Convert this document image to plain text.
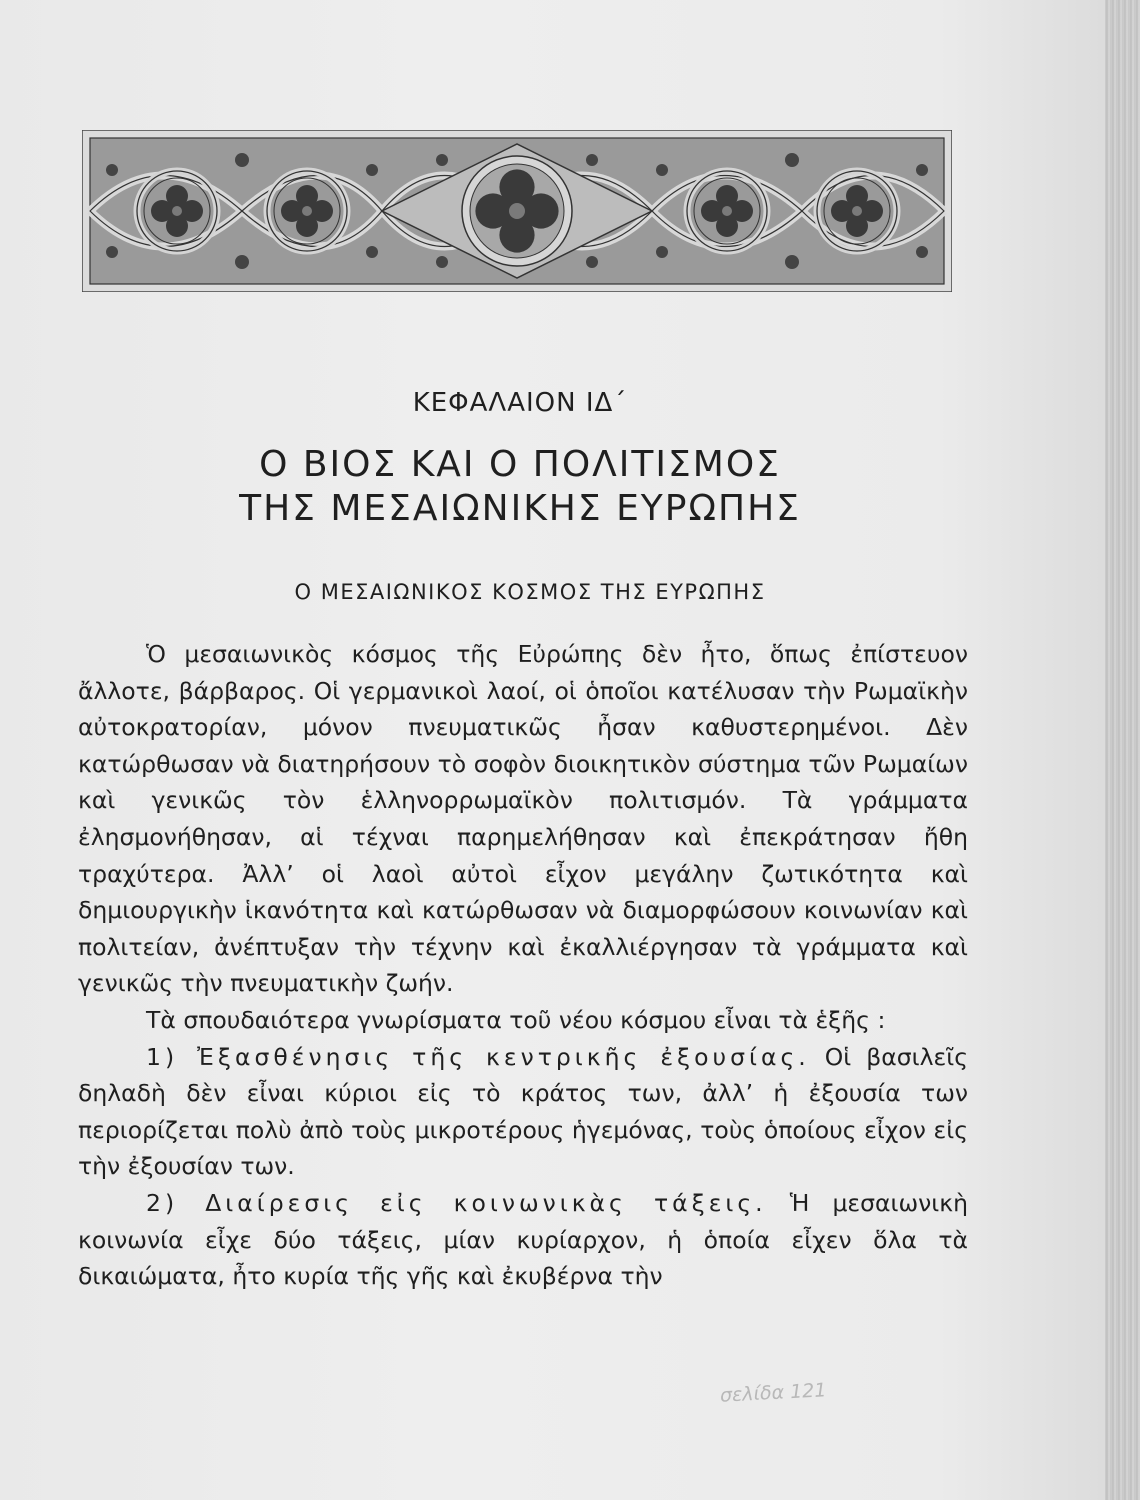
ΚΕΦΑΛΑΙΟΝ ΙΔ΄
Ο ΒΙΟΣ ΚΑΙ Ο ΠΟΛΙΤΙΣΜΟΣ
ΤΗΣ ΜΕΣΑΙΩΝΙΚΗΣ ΕΥΡΩΠΗΣ
Ο ΜΕΣΑΙΩΝΙΚΟΣ ΚΟΣΜΟΣ ΤΗΣ ΕΥΡΩΠΗΣ

Ὁ μεσαιωνικὸς κόσμος τῆς Εὐρώπης δὲν ἦτο, ὅπως ἐπίστευον ἄλλοτε, βάρβαρος. Οἱ γερμανικοὶ λαοί, οἱ ὁποῖοι κατέλυσαν τὴν Ρωμαϊκὴν αὐτοκρατορίαν, μόνον πνευματικῶς ἦσαν καθυστερημένοι. Δὲν κατώρθωσαν νὰ διατηρήσουν τὸ σοφὸν διοικητικὸν σύστημα τῶν Ρωμαίων καὶ γενικῶς τὸν ἑλληνορρωμαϊκὸν πολιτισμόν. Τὰ γράμματα ἐλησμονήθησαν, αἱ τέχναι παρημελήθησαν καὶ ἐπεκράτησαν ἤθη τραχύτερα. Ἀλλ’ οἱ λαοὶ αὐτοὶ εἶχον μεγάλην ζωτικότητα καὶ δημιουργικὴν ἱκανότητα καὶ κατώρθωσαν νὰ διαμορφώσουν κοινωνίαν καὶ πολιτείαν, ἀνέπτυξαν τὴν τέχνην καὶ ἐκαλλιέργησαν τὰ γράμματα καὶ γενικῶς τὴν πνευματικὴν ζωήν.

Τὰ σπουδαιότερα γνωρίσματα τοῦ νέου κόσμου εἶναι τὰ ἑξῆς :

1) Ἐξασθένησις τῆς κεντρικῆς ἐξουσίας. Οἱ βασιλεῖς δηλαδὴ δὲν εἶναι κύριοι εἰς τὸ κράτος των, ἀλλ’ ἡ ἐξουσία των περιορίζεται πολὺ ἀπὸ τοὺς μικροτέρους ἡγεμόνας, τοὺς ὁποίους εἶχον εἰς τὴν ἐξουσίαν των.

2) Διαίρεσις εἰς κοινωνικὰς τάξεις. Ἡ μεσαιωνικὴ κοινωνία εἶχε δύο τάξεις, μίαν κυρίαρχον, ἡ ὁποία εἶχεν ὅλα τὰ δικαιώματα, ἦτο κυρία τῆς γῆς καὶ ἐκυβέρνα τὴν

σελίδα 121
